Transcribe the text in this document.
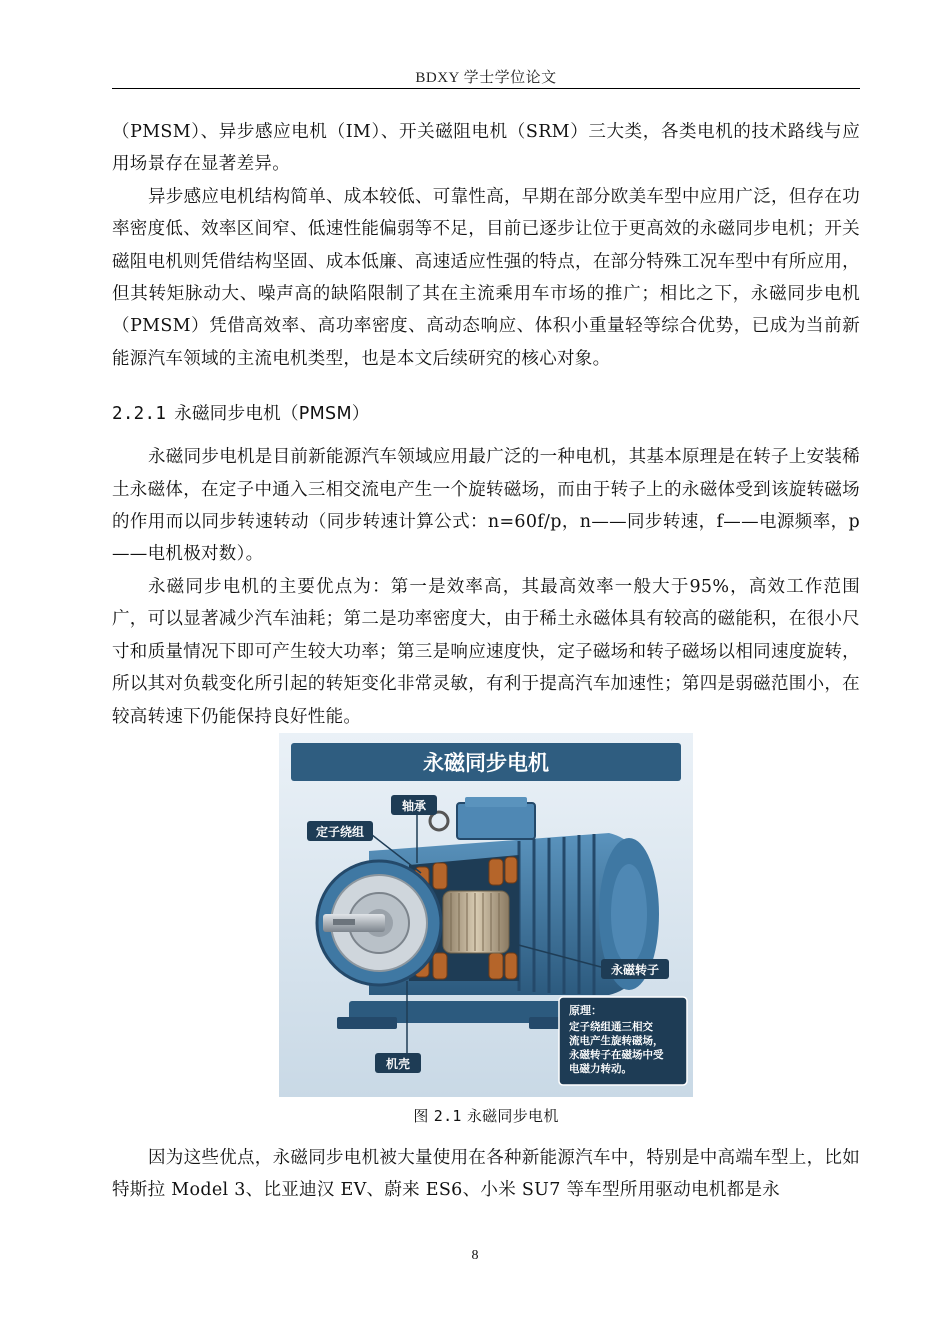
BDXY 学士学位论文

（PMSM）、异步感应电机（IM）、开关磁阻电机（SRM）三大类，各类电机的技术路线与应用场景存在显著差异。

异步感应电机结构简单、成本较低、可靠性高，早期在部分欧美车型中应用广泛，但存在功率密度低、效率区间窄、低速性能偏弱等不足，目前已逐步让位于更高效的永磁同步电机；开关磁阻电机则凭借结构坚固、成本低廉、高速适应性强的特点，在部分特殊工况车型中有所应用，但其转矩脉动大、噪声高的缺陷限制了其在主流乘用车市场的推广；相比之下，永磁同步电机（PMSM）凭借高效率、高功率密度、高动态响应、体积小重量轻等综合优势，已成为当前新能源汽车领域的主流电机类型，也是本文后续研究的核心对象。

2.2.1 永磁同步电机（PMSM）

永磁同步电机是目前新能源汽车领域应用最广泛的一种电机，其基本原理是在转子上安装稀土永磁体，在定子中通入三相交流电产生一个旋转磁场，而由于转子上的永磁体受到该旋转磁场的作用而以同步转速转动（同步转速计算公式：n=60f/p，n——同步转速，f——电源频率，p——电机极对数）。

永磁同步电机的主要优点为：第一是效率高，其最高效率一般大于95%，高效工作范围广，可以显著减少汽车油耗；第二是功率密度大，由于稀土永磁体具有较高的磁能积，在很小尺寸和质量情况下即可产生较大功率；第三是响应速度快，定子磁场和转子磁场以相同速度旋转，所以其对负载变化所引起的转矩变化非常灵敏，有利于提高汽车加速性；第四是弱磁范围小，在较高转速下仍能保持良好性能。

永磁同步电机
轴承
定子绕组
永磁转子
机壳
原理：
定子绕组通三相交
流电产生旋转磁场，
永磁转子在磁场中受
电磁力转动。
图 2.1 永磁同步电机

因为这些优点，永磁同步电机被大量使用在各种新能源汽车中，特别是中高端车型上，比如特斯拉 Model 3、比亚迪汉 EV、蔚来 ES6、小米 SU7 等车型所用驱动电机都是永

8
